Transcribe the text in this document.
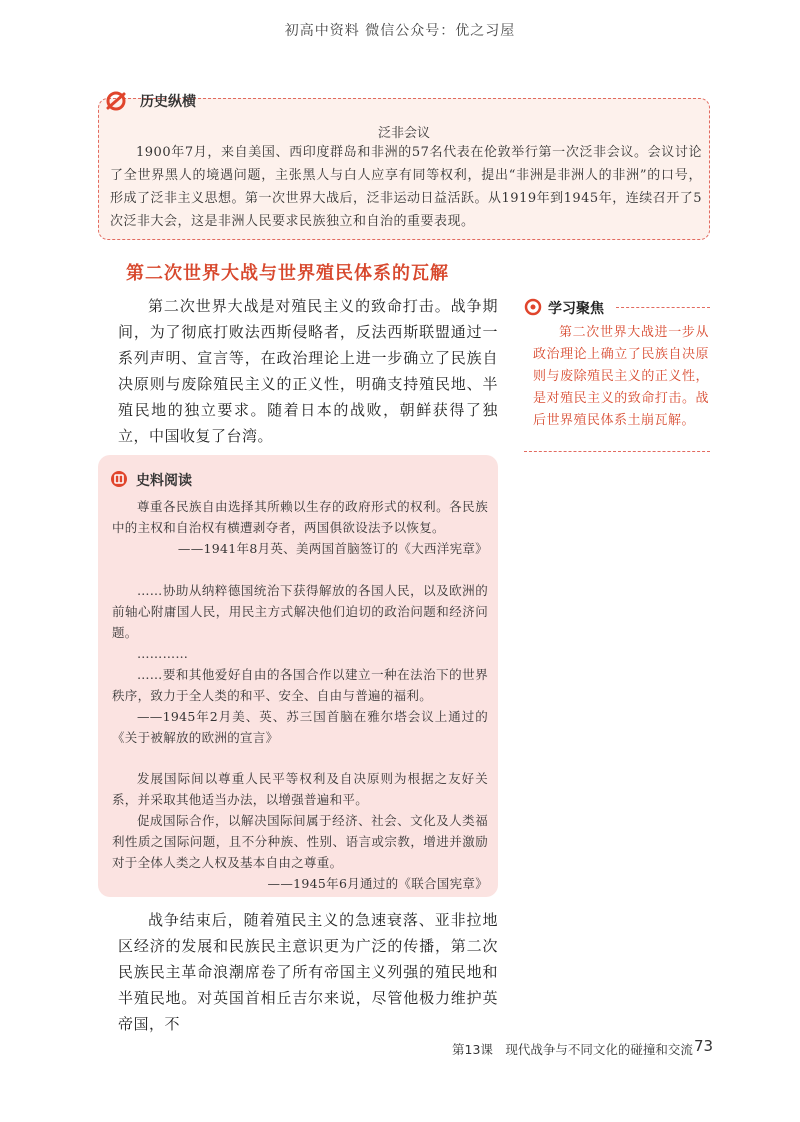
初高中资料 微信公众号：优之习屋
历史纵横
泛非会议
1900年7月，来自美国、西印度群岛和非洲的57名代表在伦敦举行第一次泛非会议。会议讨论了全世界黑人的境遇问题，主张黑人与白人应享有同等权利，提出“非洲是非洲人的非洲”的口号，形成了泛非主义思想。第一次世界大战后，泛非运动日益活跃。从1919年到1945年，连续召开了5次泛非大会，这是非洲人民要求民族独立和自治的重要表现。
第二次世界大战与世界殖民体系的瓦解
第二次世界大战是对殖民主义的致命打击。战争期间，为了彻底打败法西斯侵略者，反法西斯联盟通过一系列声明、宣言等，在政治理论上进一步确立了民族自决原则与废除殖民主义的正义性，明确支持殖民地、半殖民地的独立要求。随着日本的战败，朝鲜获得了独立，中国收复了台湾。
学习聚焦
第二次世界大战进一步从政治理论上确立了民族自决原则与废除殖民主义的正义性，是对殖民主义的致命打击。战后世界殖民体系土崩瓦解。
史料阅读
尊重各民族自由选择其所赖以生存的政府形式的权利。各民族中的主权和自治权有横遭剥夺者，两国俱欲设法予以恢复。
——1941年8月英、美两国首脑签订的《大西洋宪章》
……协助从纳粹德国统治下获得解放的各国人民，以及欧洲的前轴心附庸国人民，用民主方式解决他们迫切的政治问题和经济问题。
…………
……要和其他爱好自由的各国合作以建立一种在法治下的世界秩序，致力于全人类的和平、安全、自由与普遍的福利。
——1945年2月美、英、苏三国首脑在雅尔塔会议上通过的《关于被解放的欧洲的宣言》
发展国际间以尊重人民平等权利及自决原则为根据之友好关系，并采取其他适当办法，以增强普遍和平。
促成国际合作，以解决国际间属于经济、社会、文化及人类福利性质之国际问题，且不分种族、性别、语言或宗教，增进并激励对于全体人类之人权及基本自由之尊重。
——1945年6月通过的《联合国宪章》
战争结束后，随着殖民主义的急速衰落、亚非拉地区经济的发展和民族民主意识更为广泛的传播，第二次民族民主革命浪潮席卷了所有帝国主义列强的殖民地和半殖民地。对英国首相丘吉尔来说，尽管他极力维护英帝国，不
第13课　现代战争与不同文化的碰撞和交流 73
